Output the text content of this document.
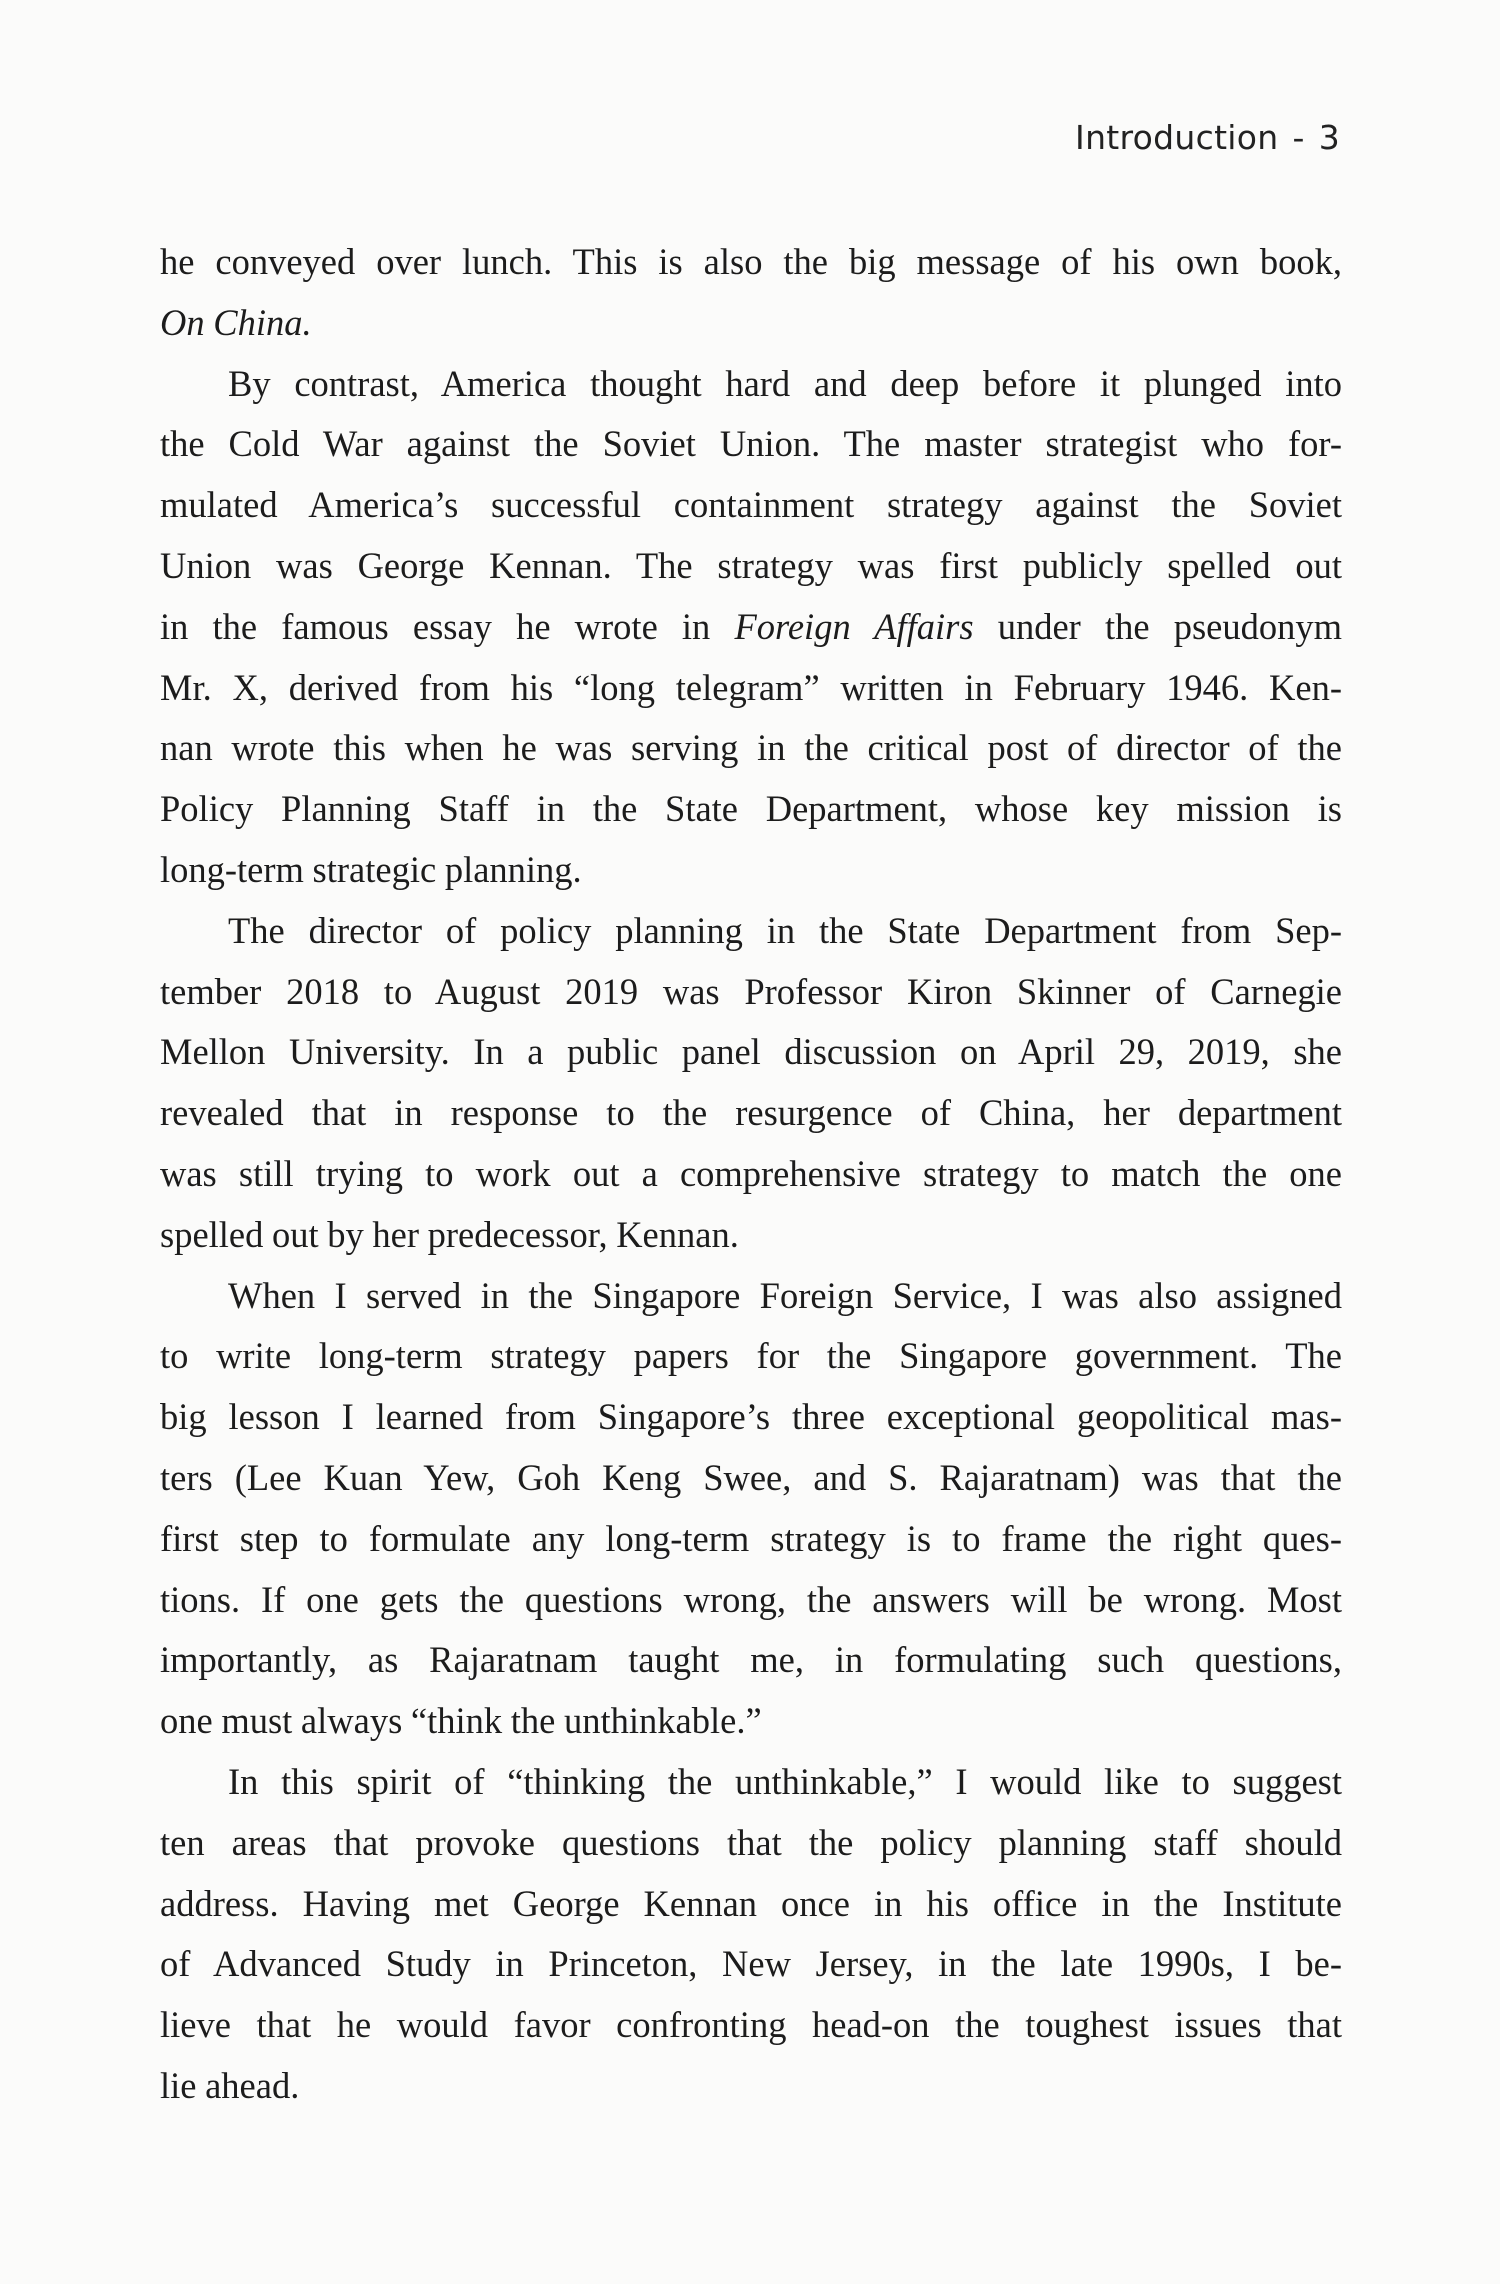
Introduction - 3
he conveyed over lunch. This is also the big message of his own book,
On China.
By contrast, America thought hard and deep before it plunged into
the Cold War against the Soviet Union. The master strategist who for-
mulated America’s successful containment strategy against the Soviet
Union was George Kennan. The strategy was first publicly spelled out
in the famous essay he wrote in Foreign Affairs under the pseudonym
Mr. X, derived from his “long telegram” written in February 1946. Ken-
nan wrote this when he was serving in the critical post of director of the
Policy Planning Staff in the State Department, whose key mission is
long-term strategic planning.
The director of policy planning in the State Department from Sep-
tember 2018 to August 2019 was Professor Kiron Skinner of Carnegie
Mellon University. In a public panel discussion on April 29, 2019, she
revealed that in response to the resurgence of China, her department
was still trying to work out a comprehensive strategy to match the one
spelled out by her predecessor, Kennan.
When I served in the Singapore Foreign Service, I was also assigned
to write long-term strategy papers for the Singapore government. The
big lesson I learned from Singapore’s three exceptional geopolitical mas-
ters (Lee Kuan Yew, Goh Keng Swee, and S. Rajaratnam) was that the
first step to formulate any long-term strategy is to frame the right ques-
tions. If one gets the questions wrong, the answers will be wrong. Most
importantly, as Rajaratnam taught me, in formulating such questions,
one must always “think the unthinkable.”
In this spirit of “thinking the unthinkable,” I would like to suggest
ten areas that provoke questions that the policy planning staff should
address. Having met George Kennan once in his office in the Institute
of Advanced Study in Princeton, New Jersey, in the late 1990s, I be-
lieve that he would favor confronting head-on the toughest issues that
lie ahead.
